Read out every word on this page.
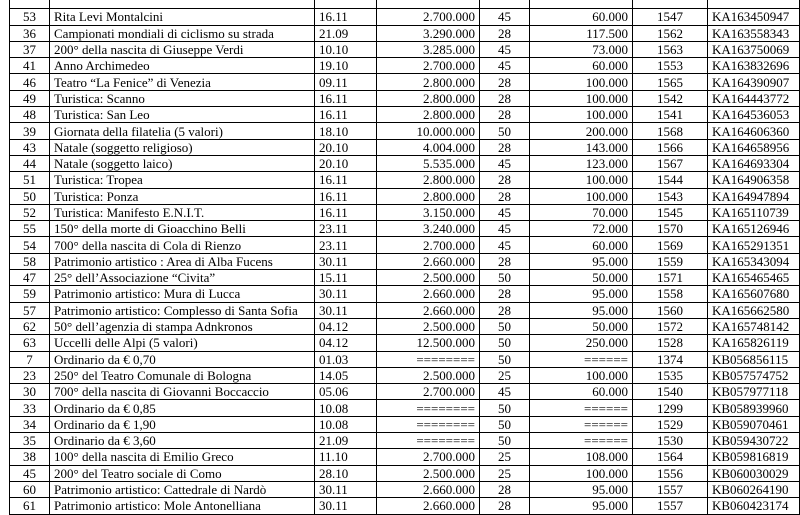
53	Rita Levi Montalcini	16.11	2.700.000	45	60.000	1547	KA163450947
36	Campionati mondiali di ciclismo su strada	21.09	3.290.000	28	117.500	1562	KA163558343
37	200° della nascita di Giuseppe Verdi	10.10	3.285.000	45	73.000	1563	KA163750069
41	Anno Archimedeo	19.10	2.700.000	45	60.000	1553	KA163832696
46	Teatro “La Fenice” di Venezia	09.11	2.800.000	28	100.000	1565	KA164390907
49	Turistica: Scanno	16.11	2.800.000	28	100.000	1542	KA164443772
48	Turistica: San Leo	16.11	2.800.000	28	100.000	1541	KA164536053
39	Giornata della filatelia (5 valori)	18.10	10.000.000	50	200.000	1568	KA164606360
43	Natale (soggetto religioso)	20.10	4.004.000	28	143.000	1566	KA164658956
44	Natale (soggetto laico)	20.10	5.535.000	45	123.000	1567	KA164693304
51	Turistica: Tropea	16.11	2.800.000	28	100.000	1544	KA164906358
50	Turistica: Ponza	16.11	2.800.000	28	100.000	1543	KA164947894
52	Turistica: Manifesto E.N.I.T.	16.11	3.150.000	45	70.000	1545	KA165110739
55	150° della morte di Gioacchino Belli	23.11	3.240.000	45	72.000	1570	KA165126946
54	700° della nascita di Cola di Rienzo	23.11	2.700.000	45	60.000	1569	KA165291351
58	Patrimonio artistico : Area di Alba Fucens	30.11	2.660.000	28	95.000	1559	KA165343094
47	25° dell’Associazione “Civita”	15.11	2.500.000	50	50.000	1571	KA165465465
59	Patrimonio artistico: Mura di Lucca	30.11	2.660.000	28	95.000	1558	KA165607680
57	Patrimonio artistico: Complesso di Santa Sofia	30.11	2.660.000	28	95.000	1560	KA165662580
62	50° dell’agenzia di stampa Adnkronos	04.12	2.500.000	50	50.000	1572	KA165748142
63	Uccelli delle Alpi (5 valori)	04.12	12.500.000	50	250.000	1528	KA165826119
7	Ordinario da € 0,70	01.03	========	50	======	1374	KB056856115
23	250° del Teatro Comunale di Bologna	14.05	2.500.000	25	100.000	1535	KB057574752
30	700° della nascita di Giovanni Boccaccio	05.06	2.700.000	45	60.000	1540	KB057977118
33	Ordinario da € 0,85	10.08	========	50	======	1299	KB058939960
34	Ordinario da € 1,90	10.08	========	50	======	1529	KB059070461
35	Ordinario da € 3,60	21.09	========	50	======	1530	KB059430722
38	100° della nascita di Emilio Greco	11.10	2.700.000	25	108.000	1564	KB059816819
45	200° del Teatro sociale di Como	28.10	2.500.000	25	100.000	1556	KB060030029
60	Patrimonio artistico: Cattedrale di Nardò	30.11	2.660.000	28	95.000	1557	KB060264190
61	Patrimonio artistico: Mole Antonelliana	30.11	2.660.000	28	95.000	1557	KB060423174
